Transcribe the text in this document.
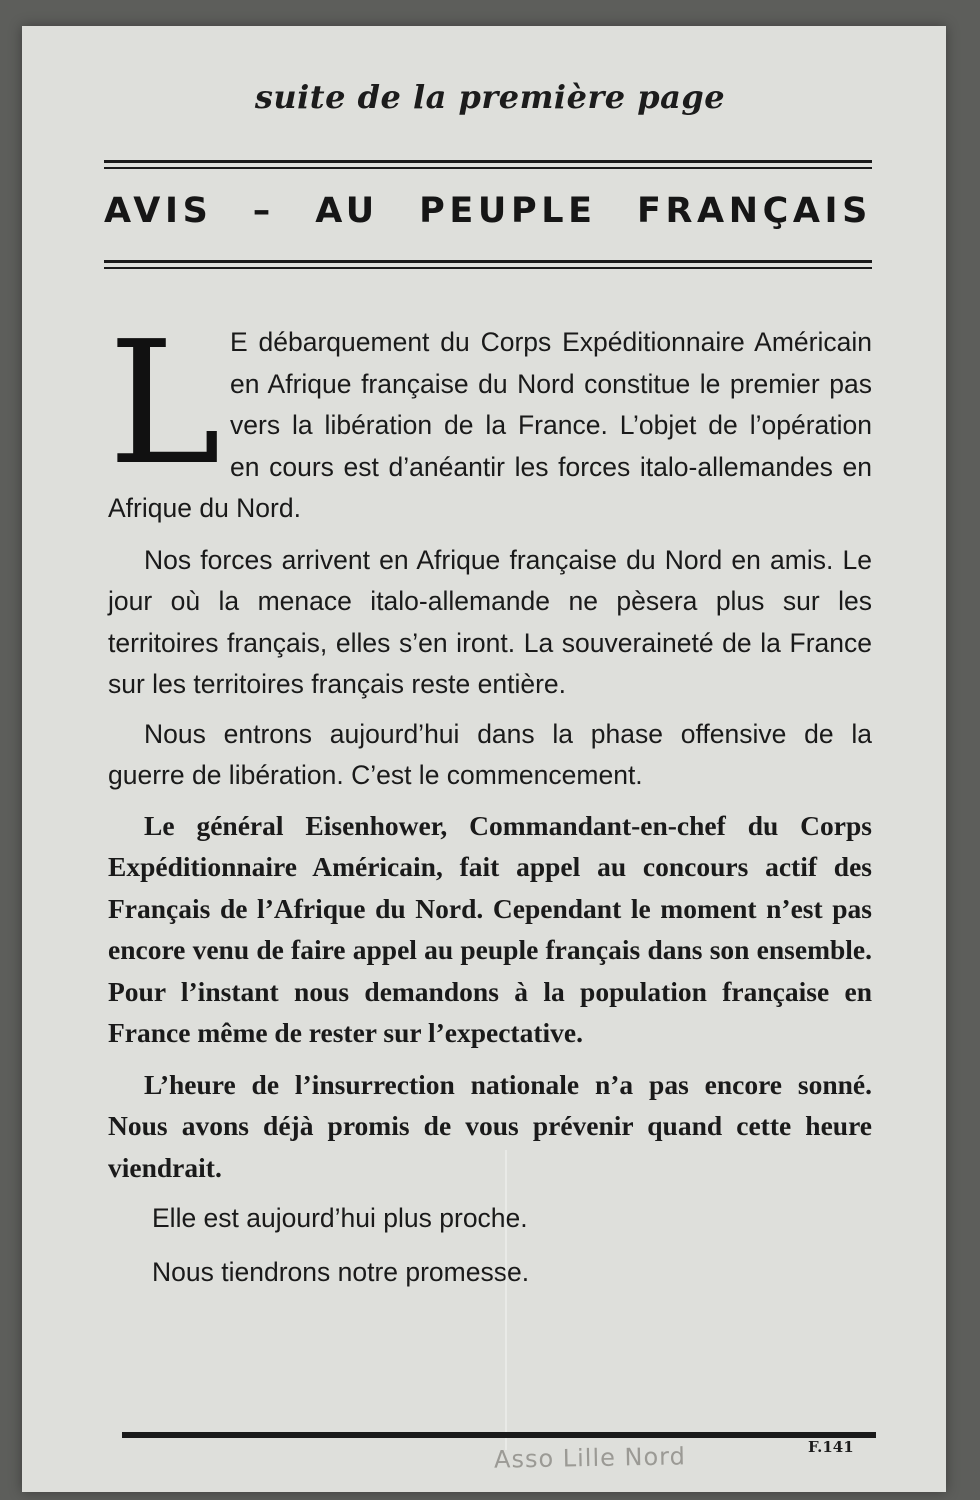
suite de la première page
AVIS – AU PEUPLE FRANÇAIS

L E débarquement du Corps Expéditionnaire Américain en Afrique française du Nord constitue le premier pas vers la libération de la France. L’objet de l’opération en cours est d’anéantir les forces italo-allemandes en Afrique du Nord.

Nos forces arrivent en Afrique française du Nord en amis. Le jour où la menace italo-allemande ne pèsera plus sur les territoires français, elles s’en iront. La souveraineté de la France sur les territoires français reste entière.

Nous entrons aujourd’hui dans la phase offensive de la guerre de libération. C’est le commencement.

Le général Eisenhower, Commandant-en-chef du Corps Expéditionnaire Américain, fait appel au concours actif des Français de l’Afrique du Nord. Cependant le moment n’est pas encore venu de faire appel au peuple français dans son ensemble. Pour l’instant nous demandons à la population française en France même de rester sur l’expectative.

L’heure de l’insurrection nationale n’a pas encore sonné. Nous avons déjà promis de vous prévenir quand cette heure viendrait.

Elle est aujourd’hui plus proche.

Nous tiendrons notre promesse.

Asso Lille Nord	F.141
